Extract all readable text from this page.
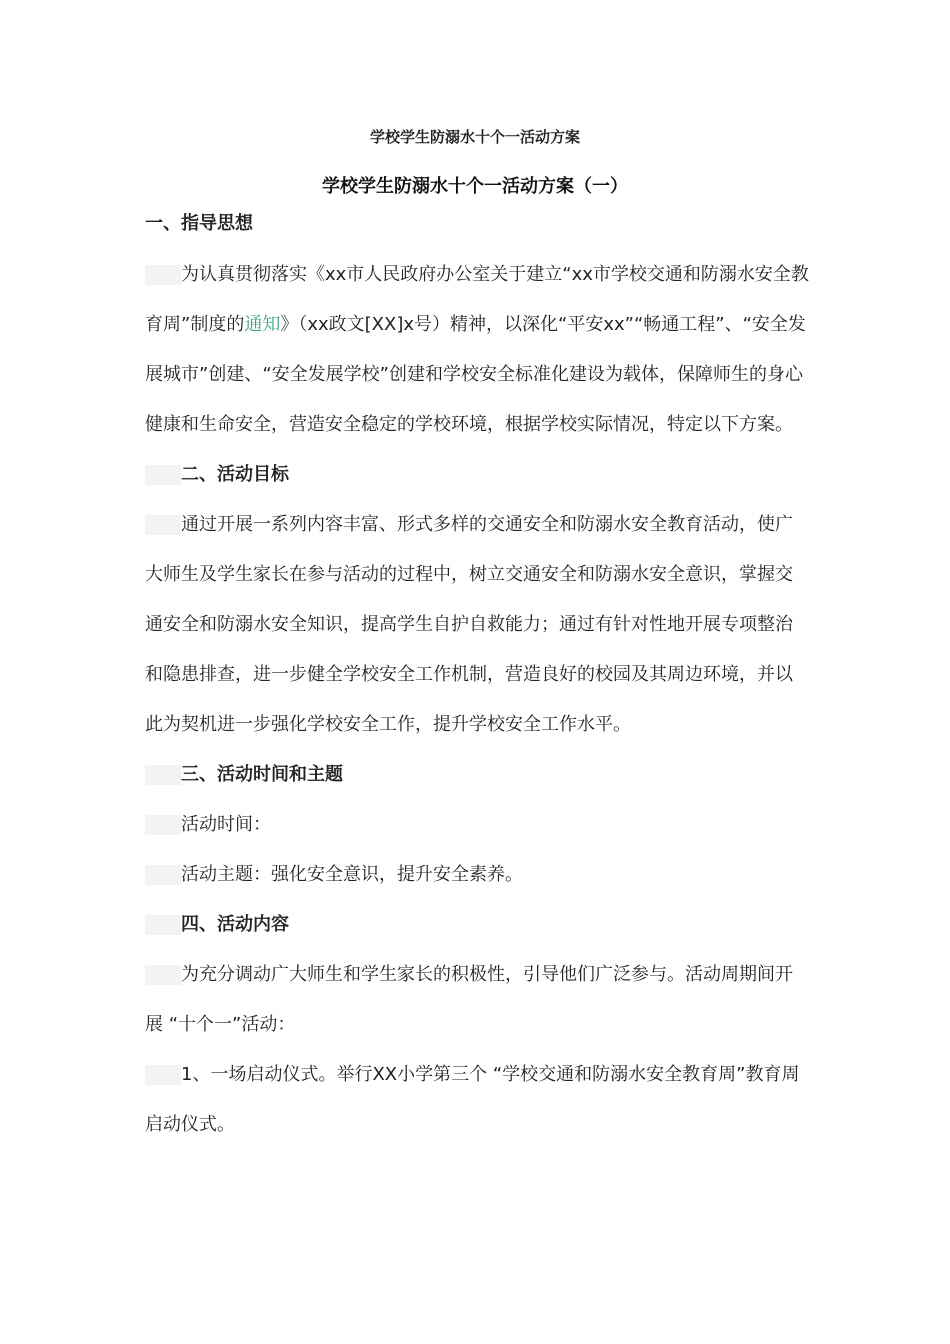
学校学生防溺水十个一活动方案
学校学生防溺水十个一活动方案（一）
一、指导思想

为认真贯彻落实《xx市人民政府办公室关于建立“xx市学校交通和防溺水安全教育周”制度的通知》（xx政文[XX]x号）精神，以深化“平安xx”“畅通工程”、“安全发展城市”创建、“安全发展学校”创建和学校安全标准化建设为载体，保障师生的身心健康和生命安全，营造安全稳定的学校环境，根据学校实际情况，特定以下方案。

二、活动目标

通过开展一系列内容丰富、形式多样的交通安全和防溺水安全教育活动，使广大师生及学生家长在参与活动的过程中，树立交通安全和防溺水安全意识，掌握交通安全和防溺水安全知识，提高学生自护自救能力；通过有针对性地开展专项整治和隐患排查，进一步健全学校安全工作机制，营造良好的校园及其周边环境，并以此为契机进一步强化学校安全工作，提升学校安全工作水平。

三、活动时间和主题

活动时间：

活动主题：强化安全意识，提升安全素养。

四、活动内容

为充分调动广大师生和学生家长的积极性，引导他们广泛参与。活动周期间开展 “十个一”活动：

1、一场启动仪式。举行XX小学第三个 “学校交通和防溺水安全教育周”教育周启动仪式。
